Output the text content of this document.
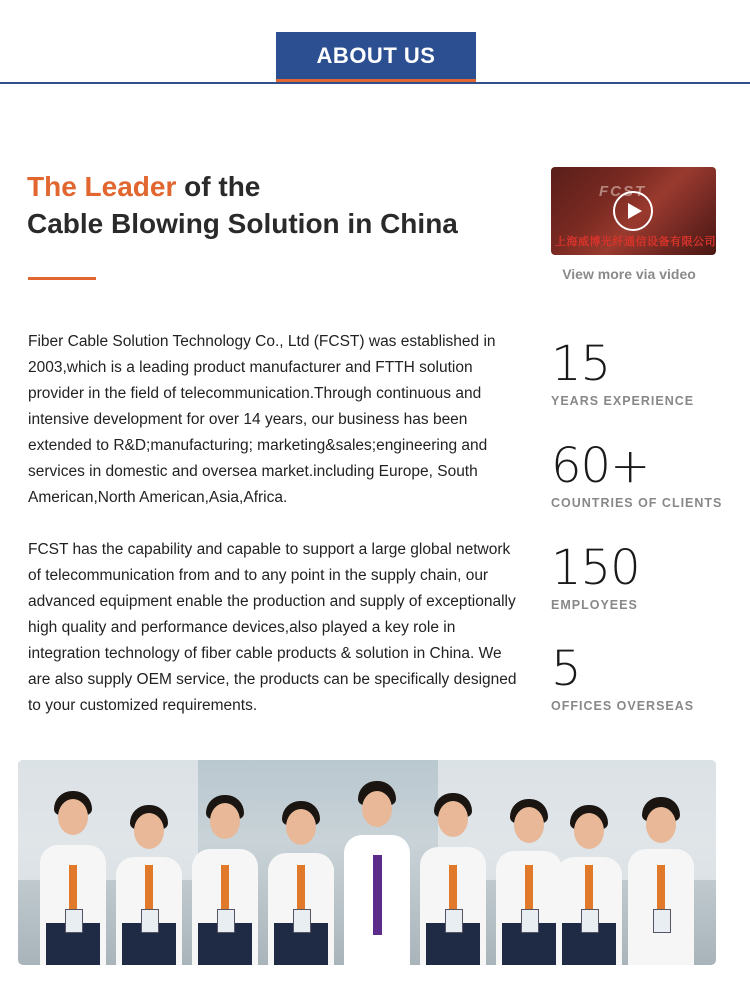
ABOUT US
The Leader of the
Cable Blowing Solution in China
FCST
上海威博光纤通信设备有限公司
View more via video

Fiber Cable Solution Technology Co., Ltd (FCST) was established in 2003,which is a leading product manufacturer and FTTH solution provider in the field of telecommunication.Through continuous and intensive development for over 14 years, our business has been extended to R&D;manufacturing; marketing&sales;engineering and services in domestic and oversea market.including Europe, South American,North American,Asia,Africa.

FCST has the capability and capable to support a large global network of telecommunication from and to any point in the supply chain, our advanced equipment enable the production and supply of exceptionally high quality and performance devices,also played a key role in integration technology of fiber cable products & solution in China. We are also supply OEM service, the products can be specifically designed to your customized requirements.

15
YEARS EXPERIENCE
60+
COUNTRIES OF CLIENTS
150
EMPLOYEES
5
OFFICES OVERSEAS
